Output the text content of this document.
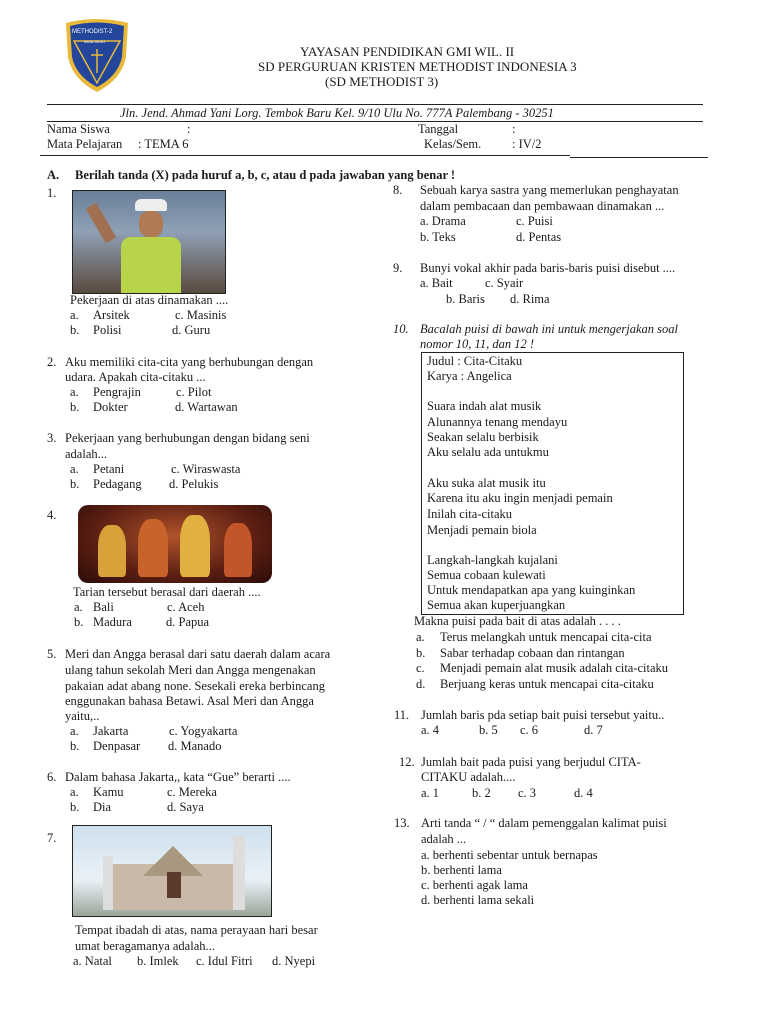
METHODIST-2
AKAL BUDI
YAYASAN PENDIDIKAN GMI WIL. II
SD PERGURUAN KRISTEN METHODIST INDONESIA 3
(SD METHODIST 3)
Jln. Jend. Ahmad Yani Lorg. Tembok Baru Kel. 9/10 Ulu No. 777A Palembang - 30251
Nama Siswa	:	Tanggal	:
Mata Pelajaran : TEMA 6	Kelas/Sem. : IV/2
A. Berilah tanda (X) pada huruf a, b, c, atau d pada jawaban yang benar !
1.
Pekerjaan di atas dinamakan ....
a. Arsitek	c. Masinis
b. Polisi	d. Guru
2. Aku memiliki cita-cita yang berhubungan dengan
udara. Apakah cita-citaku ...
a. Pengrajin	c. Pilot
b. Dokter	d. Wartawan
3. Pekerjaan yang berhubungan dengan bidang seni
adalah...
a. Petani	c. Wiraswasta
b. Pedagang d. Pelukis
4.
Tarian tersebut berasal dari daerah ....
a. Bali	c. Aceh
b. Madura	d. Papua
5. Meri dan Angga berasal dari satu daerah dalam acara
ulang tahun sekolah Meri dan Angga mengenakan
pakaian adat abang none. Sesekali ereka berbincang
enggunakan bahasa Betawi. Asal Meri dan Angga
yaitu,..
a. Jakarta	c. Yogyakarta
b. Denpasar d. Manado
6. Dalam bahasa Jakarta,, kata “Gue” berarti ....
a. Kamu	c. Mereka
b. Dia	d. Saya
7.
Tempat ibadah di atas, nama perayaan hari besar
umat beragamanya adalah...
a. Natal b. Imlek c. Idul Fitri d. Nyepi
8. Sebuah karya sastra yang memerlukan penghayatan
dalam pembacaan dan pembawaan dinamakan ...
a. Drama	c. Puisi
b. Teks	d. Pentas
9. Bunyi vokal akhir pada baris-baris puisi disebut ....
a. Bait	c. Syair
b. Baris d. Rima
10. Bacalah puisi di bawah ini untuk mengerjakan soal
nomor 10, 11, dan 12 !
Judul : Cita-Citaku
Karya : Angelica
Suara indah alat musik
Alunannya tenang mendayu
Seakan selalu berbisik
Aku selalu ada untukmu
Aku suka alat musik itu
Karena itu aku ingin menjadi pemain
Inilah cita-citaku
Menjadi pemain biola
Langkah-langkah kujalani
Semua cobaan kulewati
Untuk mendapatkan apa yang kuinginkan
Semua akan kuperjuangkan
Makna puisi pada bait di atas adalah . . . .
a. Terus melangkah untuk mencapai cita-cita
b. Sabar terhadap cobaan dan rintangan
c. Menjadi pemain alat musik adalah cita-citaku
d. Berjuang keras untuk mencapai cita-citaku
11. Jumlah baris pda setiap bait puisi tersebut yaitu..
a. 4	b. 5 c. 6	d. 7
12. Jumlah bait pada puisi yang berjudul CITA-
CITAKU adalah....
a. 1	b. 2 c. 3	d. 4
13. Arti tanda “ / “ dalam pemenggalan kalimat puisi
adalah ...
a. berhenti sebentar untuk bernapas
b. berhenti lama
c. berhenti agak lama
d. berhenti lama sekali
